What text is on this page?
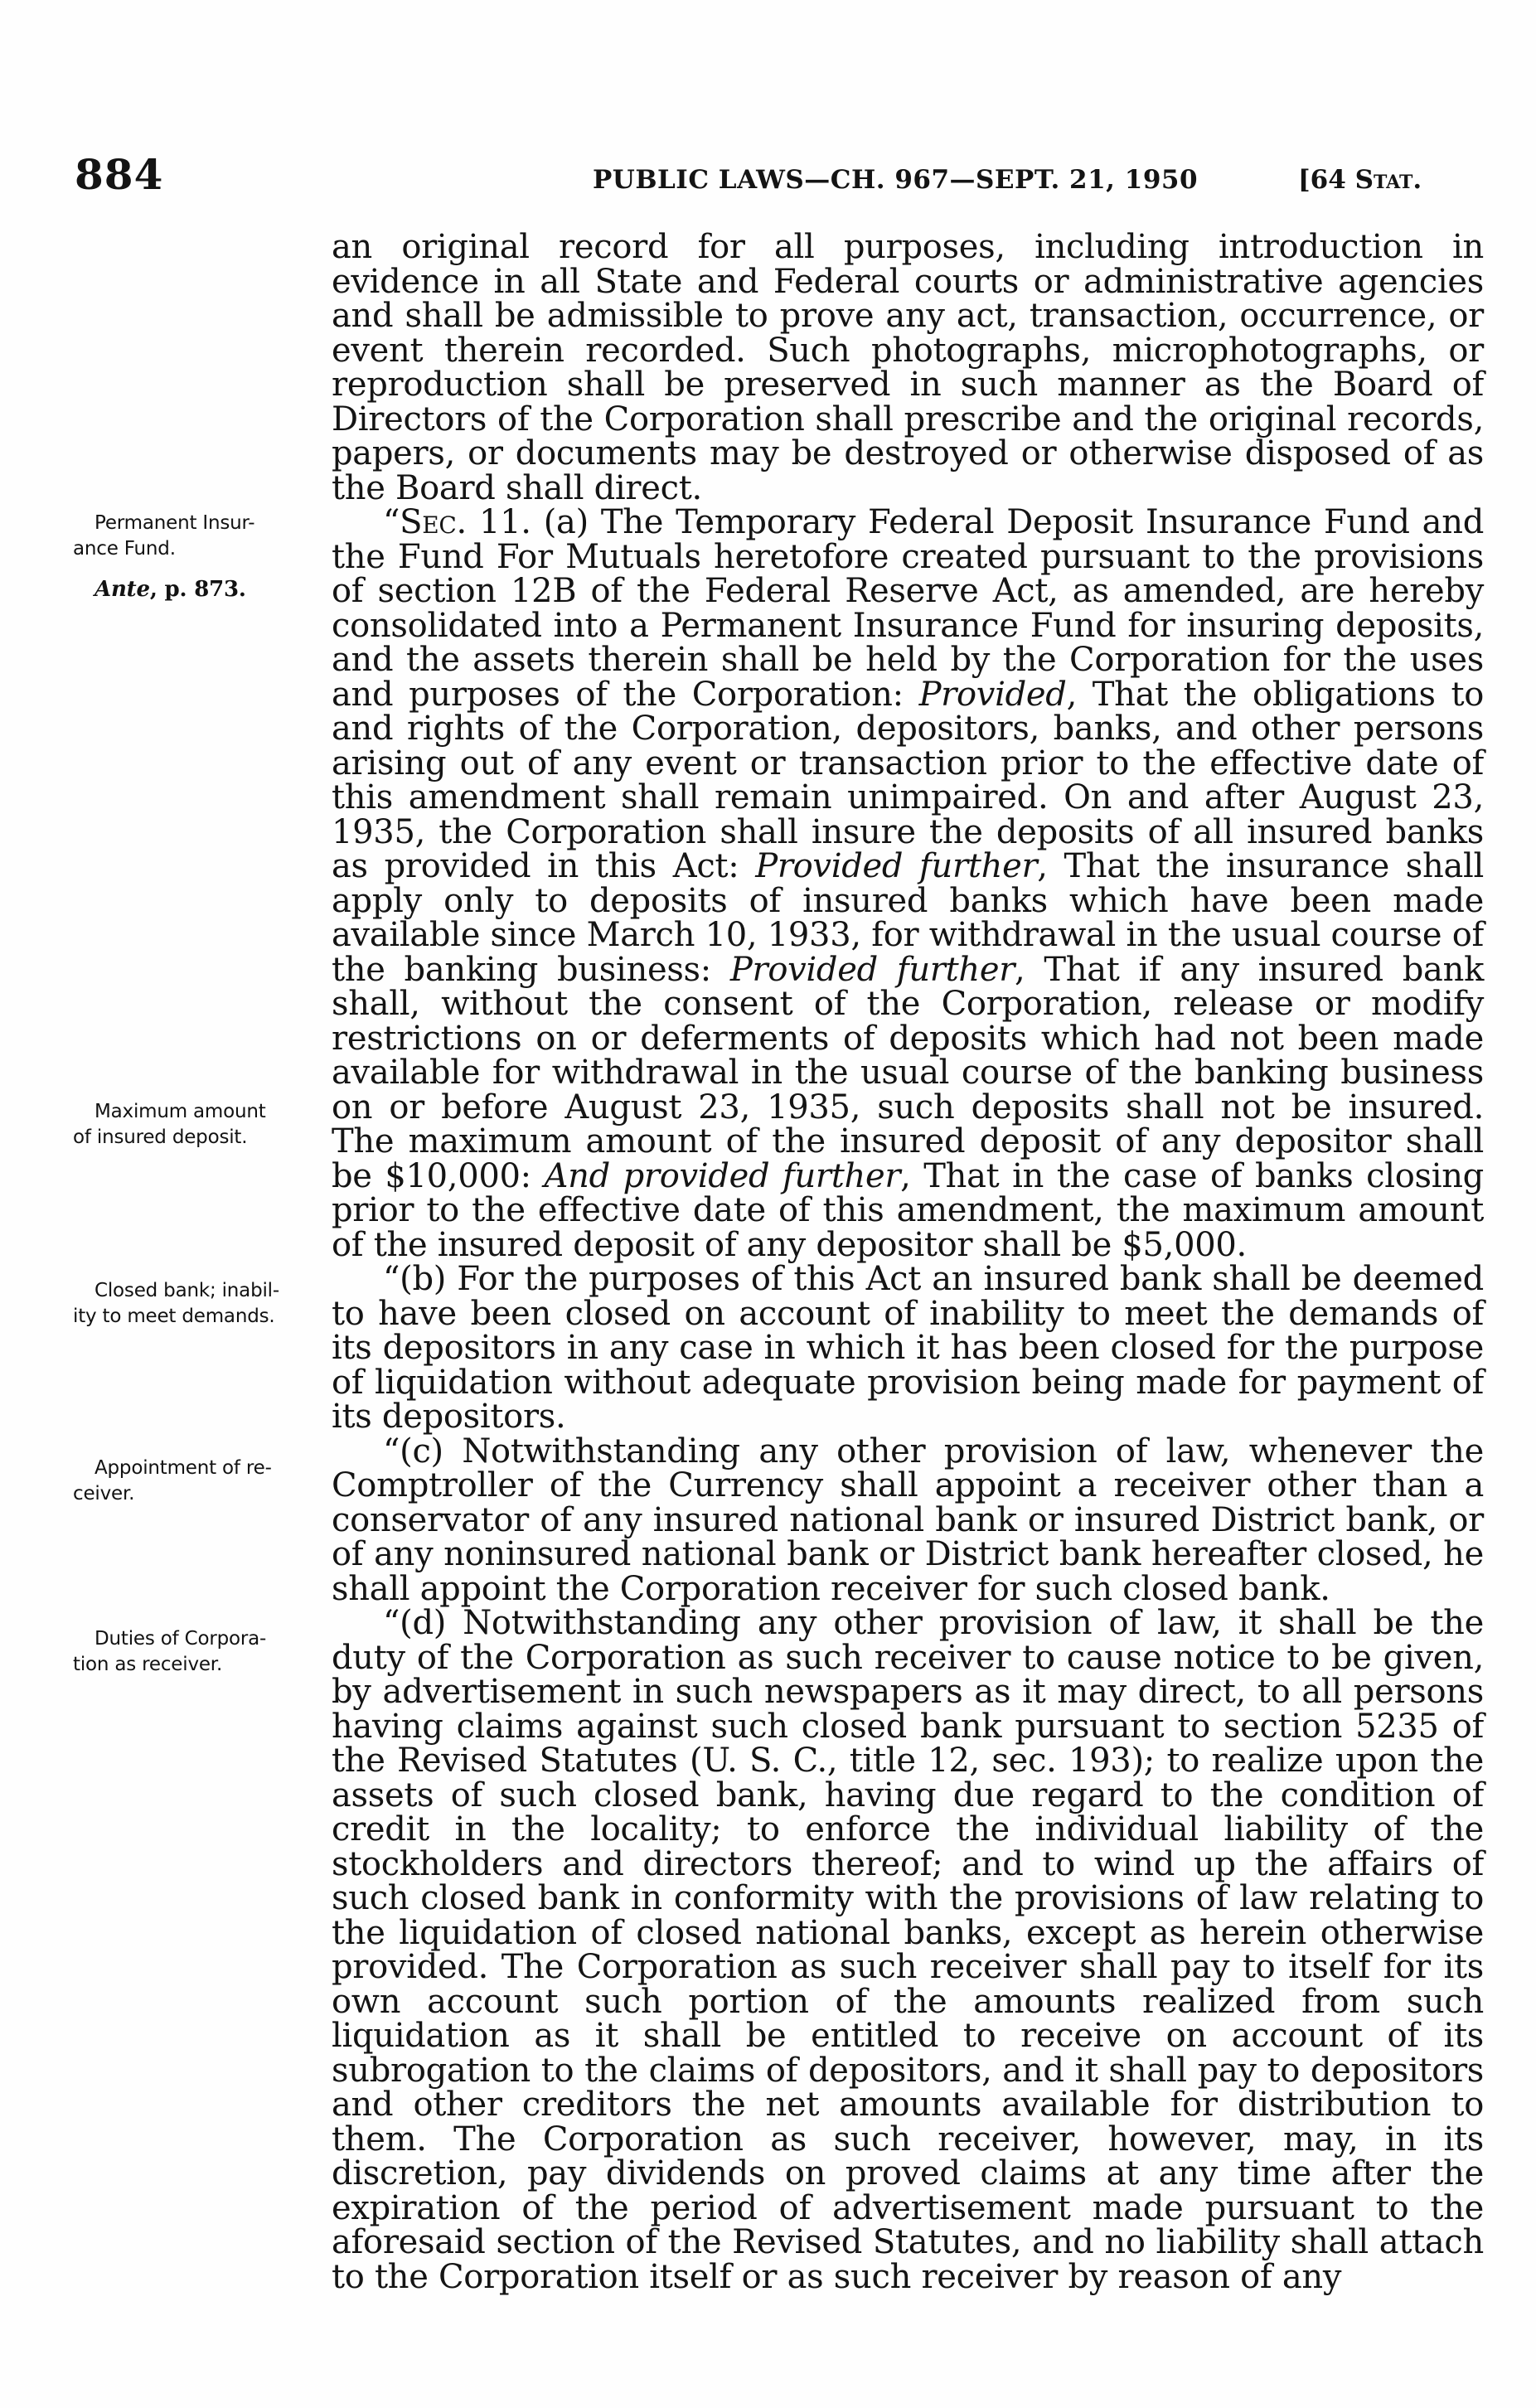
884	PUBLIC LAWS—CH. 967—SEPT. 21, 1950	[64 Stat.
Permanent Insur-
ance Fund.
Ante, p. 873.
Maximum amount
of insured deposit.
Closed bank; inabil-
ity to meet demands.
Appointment of re-
ceiver.
Duties of Corpora-
tion as receiver.

an original record for all purposes, including introduction in evidence in all State and Federal courts or administrative agencies and shall be admissible to prove any act, transaction, occurrence, or event therein recorded. Such photographs, microphotographs, or reproduction shall be preserved in such manner as the Board of Directors of the Corporation shall prescribe and the original records, papers, or documents may be destroyed or otherwise disposed of as the Board shall direct.

“Sec. 11. (a) The Temporary Federal Deposit Insurance Fund and the Fund For Mutuals heretofore created pursuant to the provisions of section 12B of the Federal Reserve Act, as amended, are hereby consolidated into a Permanent Insurance Fund for insuring deposits, and the assets therein shall be held by the Corporation for the uses and purposes of the Corporation: Provided, That the obligations to and rights of the Corporation, depositors, banks, and other persons arising out of any event or transaction prior to the effective date of this amendment shall remain unimpaired. On and after August 23, 1935, the Corporation shall insure the deposits of all insured banks as provided in this Act: Provided further, That the insurance shall apply only to deposits of insured banks which have been made available since March 10, 1933, for withdrawal in the usual course of the banking business: Provided further, That if any insured bank shall, without the consent of the Corporation, release or modify restrictions on or deferments of deposits which had not been made available for withdrawal in the usual course of the banking business on or before August 23, 1935, such deposits shall not be insured. The maximum amount of the insured deposit of any depositor shall be $10,000: And provided further, That in the case of banks closing prior to the effective date of this amendment, the maximum amount of the insured deposit of any depositor shall be $5,000.

“(b) For the purposes of this Act an insured bank shall be deemed to have been closed on account of inability to meet the demands of its depositors in any case in which it has been closed for the purpose of liquidation without adequate provision being made for payment of its depositors.

“(c) Notwithstanding any other provision of law, whenever the Comptroller of the Currency shall appoint a receiver other than a conservator of any insured national bank or insured District bank, or of any noninsured national bank or District bank hereafter closed, he shall appoint the Corporation receiver for such closed bank.

“(d) Notwithstanding any other provision of law, it shall be the duty of the Corporation as such receiver to cause notice to be given, by advertisement in such newspapers as it may direct, to all persons having claims against such closed bank pursuant to section 5235 of the Revised Statutes (U. S. C., title 12, sec. 193); to realize upon the assets of such closed bank, having due regard to the condition of credit in the locality; to enforce the individual liability of the stockholders and directors thereof; and to wind up the affairs of such closed bank in conformity with the provisions of law relating to the liquidation of closed national banks, except as herein otherwise provided. The Corporation as such receiver shall pay to itself for its own account such portion of the amounts realized from such liquidation as it shall be entitled to receive on account of its subrogation to the claims of depositors, and it shall pay to depositors and other creditors the net amounts available for distribution to them. The Corporation as such receiver, however, may, in its discretion, pay dividends on proved claims at any time after the expiration of the period of advertisement made pursuant to the aforesaid section of the Revised Statutes, and no liability shall attach to the Corporation itself or as such receiver by reason of any
